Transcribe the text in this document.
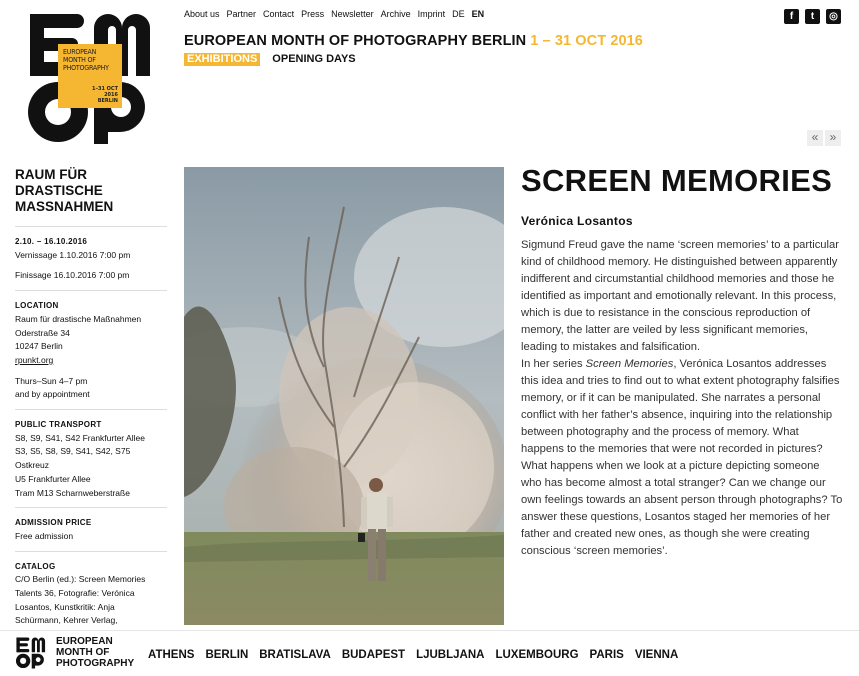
EUROPEAN
MONTH OF
PHOTOGRAPHY
1–31 OCT
2016
BERLIN
About us Partner Contact Press Newsletter Archive Imprint DE EN	f	t	◎
EUROPEAN MONTH OF PHOTOGRAPHY BERLIN 1 – 31 OCT 2016
EXHIBITIONS OPENING DAYS
« »
RAUM FÜR DRASTISCHE MASSNAHMEN
2.10. – 16.10.2016
Vernissage 1.10.2016 7:00 pm
Finissage 16.10.2016 7:00 pm
LOCATION
Raum für drastische Maßnahmen
Oderstraße 34
10247 Berlin
rpunkt.org
Thurs–Sun 4–7 pm
and by appointment
PUBLIC TRANSPORT
S8, S9, S41, S42 Frankfurter Allee
S3, S5, S8, S9, S41, S42, S75
Ostkreuz
U5 Frankfurter Allee
Tram M13 Scharnweberstraße
ADMISSION PRICE
Free admission
CATALOG
C/O Berlin (ed.): Screen Memories
Talents 36, Fotografie: Verónica
Losantos, Kunstkritik: Anja
Schürmann, Kehrer Verlag,
SCREEN MEMORIES
Verónica Losantos

Sigmund Freud gave the name ‘screen memories’ to a particular kind of childhood memory. He distinguished between apparently indifferent and circumstantial childhood memories and those he identified as important and emotionally relevant. In this process, which is due to resistance in the conscious reproduction of memory, the latter are veiled by less significant memories, leading to mistakes and falsification.

In her series Screen Memories, Verónica Losantos addresses this idea and tries to find out to what extent photography falsifies memory, or if it can be manipulated. She narrates a personal conflict with her father’s absence, inquiring into the relationship between photography and the process of memory. What happens to the memories that were not recorded in pictures? What happens when we look at a picture depicting someone who has become almost a total stranger? Can we change our own feelings towards an absent person through photographs? To answer these questions, Losantos staged her memories of her father and created new ones, as though she were creating conscious ‘screen memories’.

EUROPEAN
MONTH OF
PHOTOGRAPHY
ATHENS BERLIN BRATISLAVA BUDAPEST LJUBLJANA LUXEMBOURG PARIS VIENNA
